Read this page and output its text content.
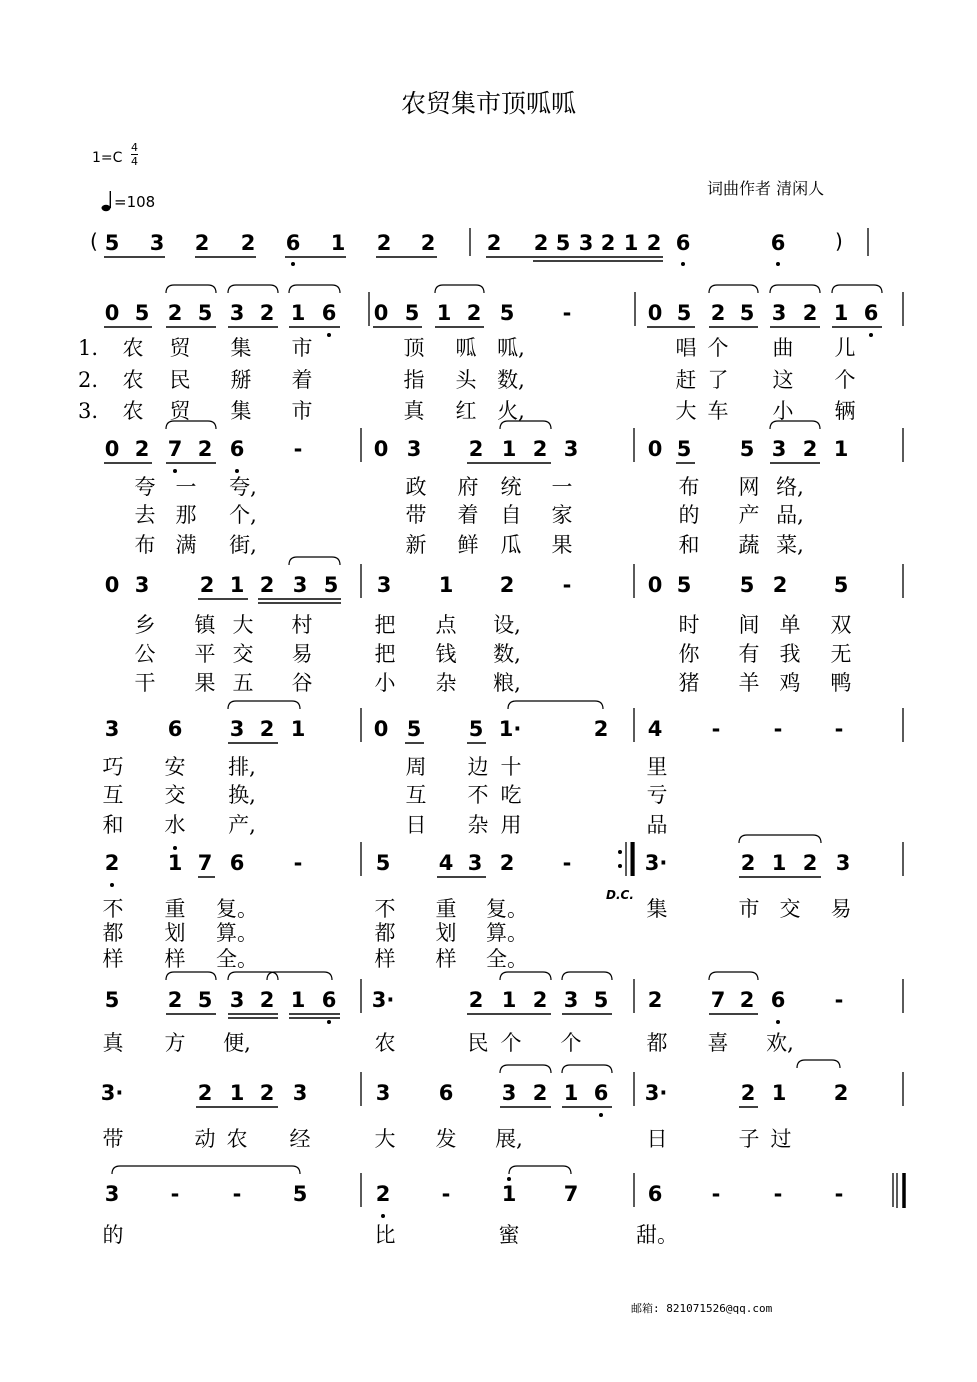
农贸集市顶呱呱
$1=C \frac{4}{4}$
=108
词曲作者 清闲人
(	)
D.C.
邮箱: 821071526@qq.com
5 3 2 2 6 1 2 2 2 2 5 3 2 1 2 6	6
0 5 2 5 3 2 1 6 0 5 1 2 5 -	0 5 2 5 3 2 1 6
1. 农 贸 集 市	顶 呱 呱,	唱 个 曲 儿
2. 农 民 掰 着	指 头 数,	赶 了 这 个
3. 农 贸 集 市	真 红 火,	大 车 小 辆
0 2 7 2 6 -	0 3 2 1 2 3	0 5 5 3 2 1
夸 一 夸,	政 府 统 一	布 网 络,
去 那 个,	带 着 自 家	的 产 品,
布 满 街,	新 鲜 瓜 果	和 蔬 菜,
0 3 2 1 2 3 5 3 1 2 -	0 5 5 2 5
乡 镇 大 村	把 点 设,	时 间 单 双
公 平 交 易	把 钱 数,	你 有 我 无
干 果 五 谷	小 杂 粮,	猪 羊 鸡 鸭
3 6 3 2 1	0 5 5 1·	2 4 -	- -
巧 安 排,	周 边 十	里
互 交 换,	互 不 吃	亏
和 水 产,	日 杂 用	品
2 1 7 6 -	5 4 3 2 -	3·	2 1 2 3
不 重 复。	不 重 复。	集	市 交 易
都 划 算。	都 划 算。
样 样 全。	样 样 全。
5 2 5 3 2 1 6 3·	2 1 2 3 5 2 7 2 6 -
真 方 便,	农	民 个 个	都 喜 欢,
3·	2 1 2 3	3 6 3 2 1 6 3·	2 1 2
带	动 农 经	大 发 展,	日	子 过
3 -	- 5	2 - 1 7	6 -	- -
的	比	蜜	甜。
